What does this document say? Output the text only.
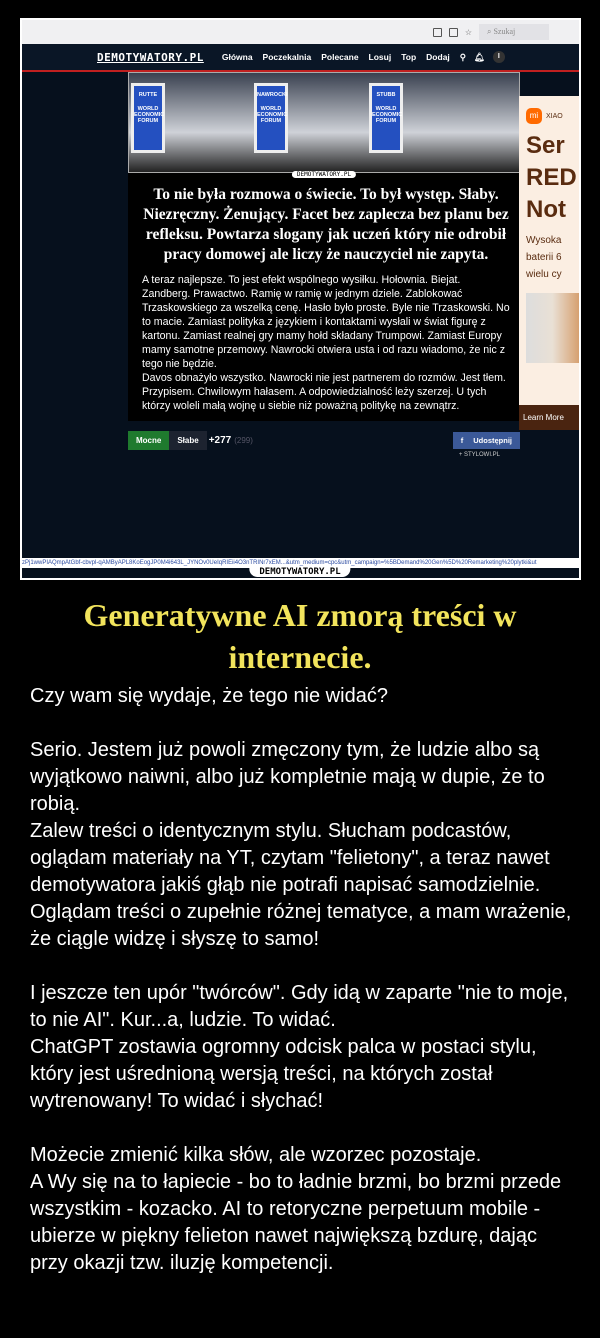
☆	⌕ Szukaj
DEMOTYWATORY.PL Główna Poczekalnia Polecane Losuj Top Dodaj ⚲ 🔔︎	I
RUTTE
WORLD ECONOMIC FORUM
NAWROCKI
WORLD ECONOMIC FORUM
STUBB
WORLD ECONOMIC FORUM
DEMOTYWATORY.PL
To nie była rozmowa o świecie. To był występ. Słaby. Niezręczny. Żenujący. Facet bez zaplecza bez planu bez refleksu. Powtarza slogany jak uczeń który nie odrobił pracy domowej ale liczy że nauczyciel nie zapyta.
A teraz najlepsze. To jest efekt wspólnego wysiłku. Hołownia. Biejat. Zandberg. Prawactwo. Ramię w ramię w jednym dziele. Zablokować Trzaskowskiego za wszelką cenę. Hasło było proste. Byle nie Trzaskowski. No to macie. Zamiast polityka z językiem i kontaktami wysłali w świat figurę z kartonu. Zamiast realnej gry mamy hołd składany Trumpowi. Zamiast Europy mamy samotne przemowy. Nawrocki otwiera usta i od razu wiadomo, że nic z tego nie będzie.
Davos obnażyło wszystko. Nawrocki nie jest partnerem do rozmów. Jest tłem. Przypisem. Chwilowym hałasem. A odpowiedzialność leży szerzej. U tych którzy woleli małą wojnę u siebie niż poważną politykę na zewnątrz.
Mocne	Słabe	+277 (299)	f Udostępnij
+ STYLOWI.PL
mi XIAO
Ser
RED
Not
Wysoka
baterii 6
wielu cy
Learn More
zPj1wwPIAQmpAtGbf-cbvpl-qAMByAPL8KoEogJP0M4i643L_JYNOv0UeIqRIEii4O3nTRINr7xEM...&utm_medium=cpc&utm_campaign=%5BDemand%20Gen%5D%20Remarketing%20plytki&ut
DEMOTYWATORY.PL
Generatywne AI zmorą treści w internecie.

Czy wam się wydaje, że tego nie widać?

Serio. Jestem już powoli zmęczony tym, że ludzie albo są wyjątkowo naiwni, albo już kompletnie mają w dupie, że to robią.

Zalew treści o identycznym stylu. Słucham podcastów, oglądam materiały na YT, czytam "felietony", a teraz nawet demotywatora jakiś głąb nie potrafi napisać samodzielnie. Oglądam treści o zupełnie różnej tematyce, a mam wrażenie, że ciągle widzę i słyszę to samo!

I jeszcze ten upór "twórców". Gdy idą w zaparte "nie to moje, to nie AI". Kur...a, ludzie. To widać.

ChatGPT zostawia ogromny odcisk palca w postaci stylu, który jest uśrednioną wersją treści, na których został wytrenowany! To widać i słychać!

Możecie zmienić kilka słów, ale wzorzec pozostaje.

A Wy się na to łapiecie - bo to ładnie brzmi, bo brzmi przede wszystkim - kozacko. AI to retoryczne perpetuum mobile - ubierze w piękny felieton nawet największą bzdurę, dając przy okazji tzw. iluzję kompetencji.
